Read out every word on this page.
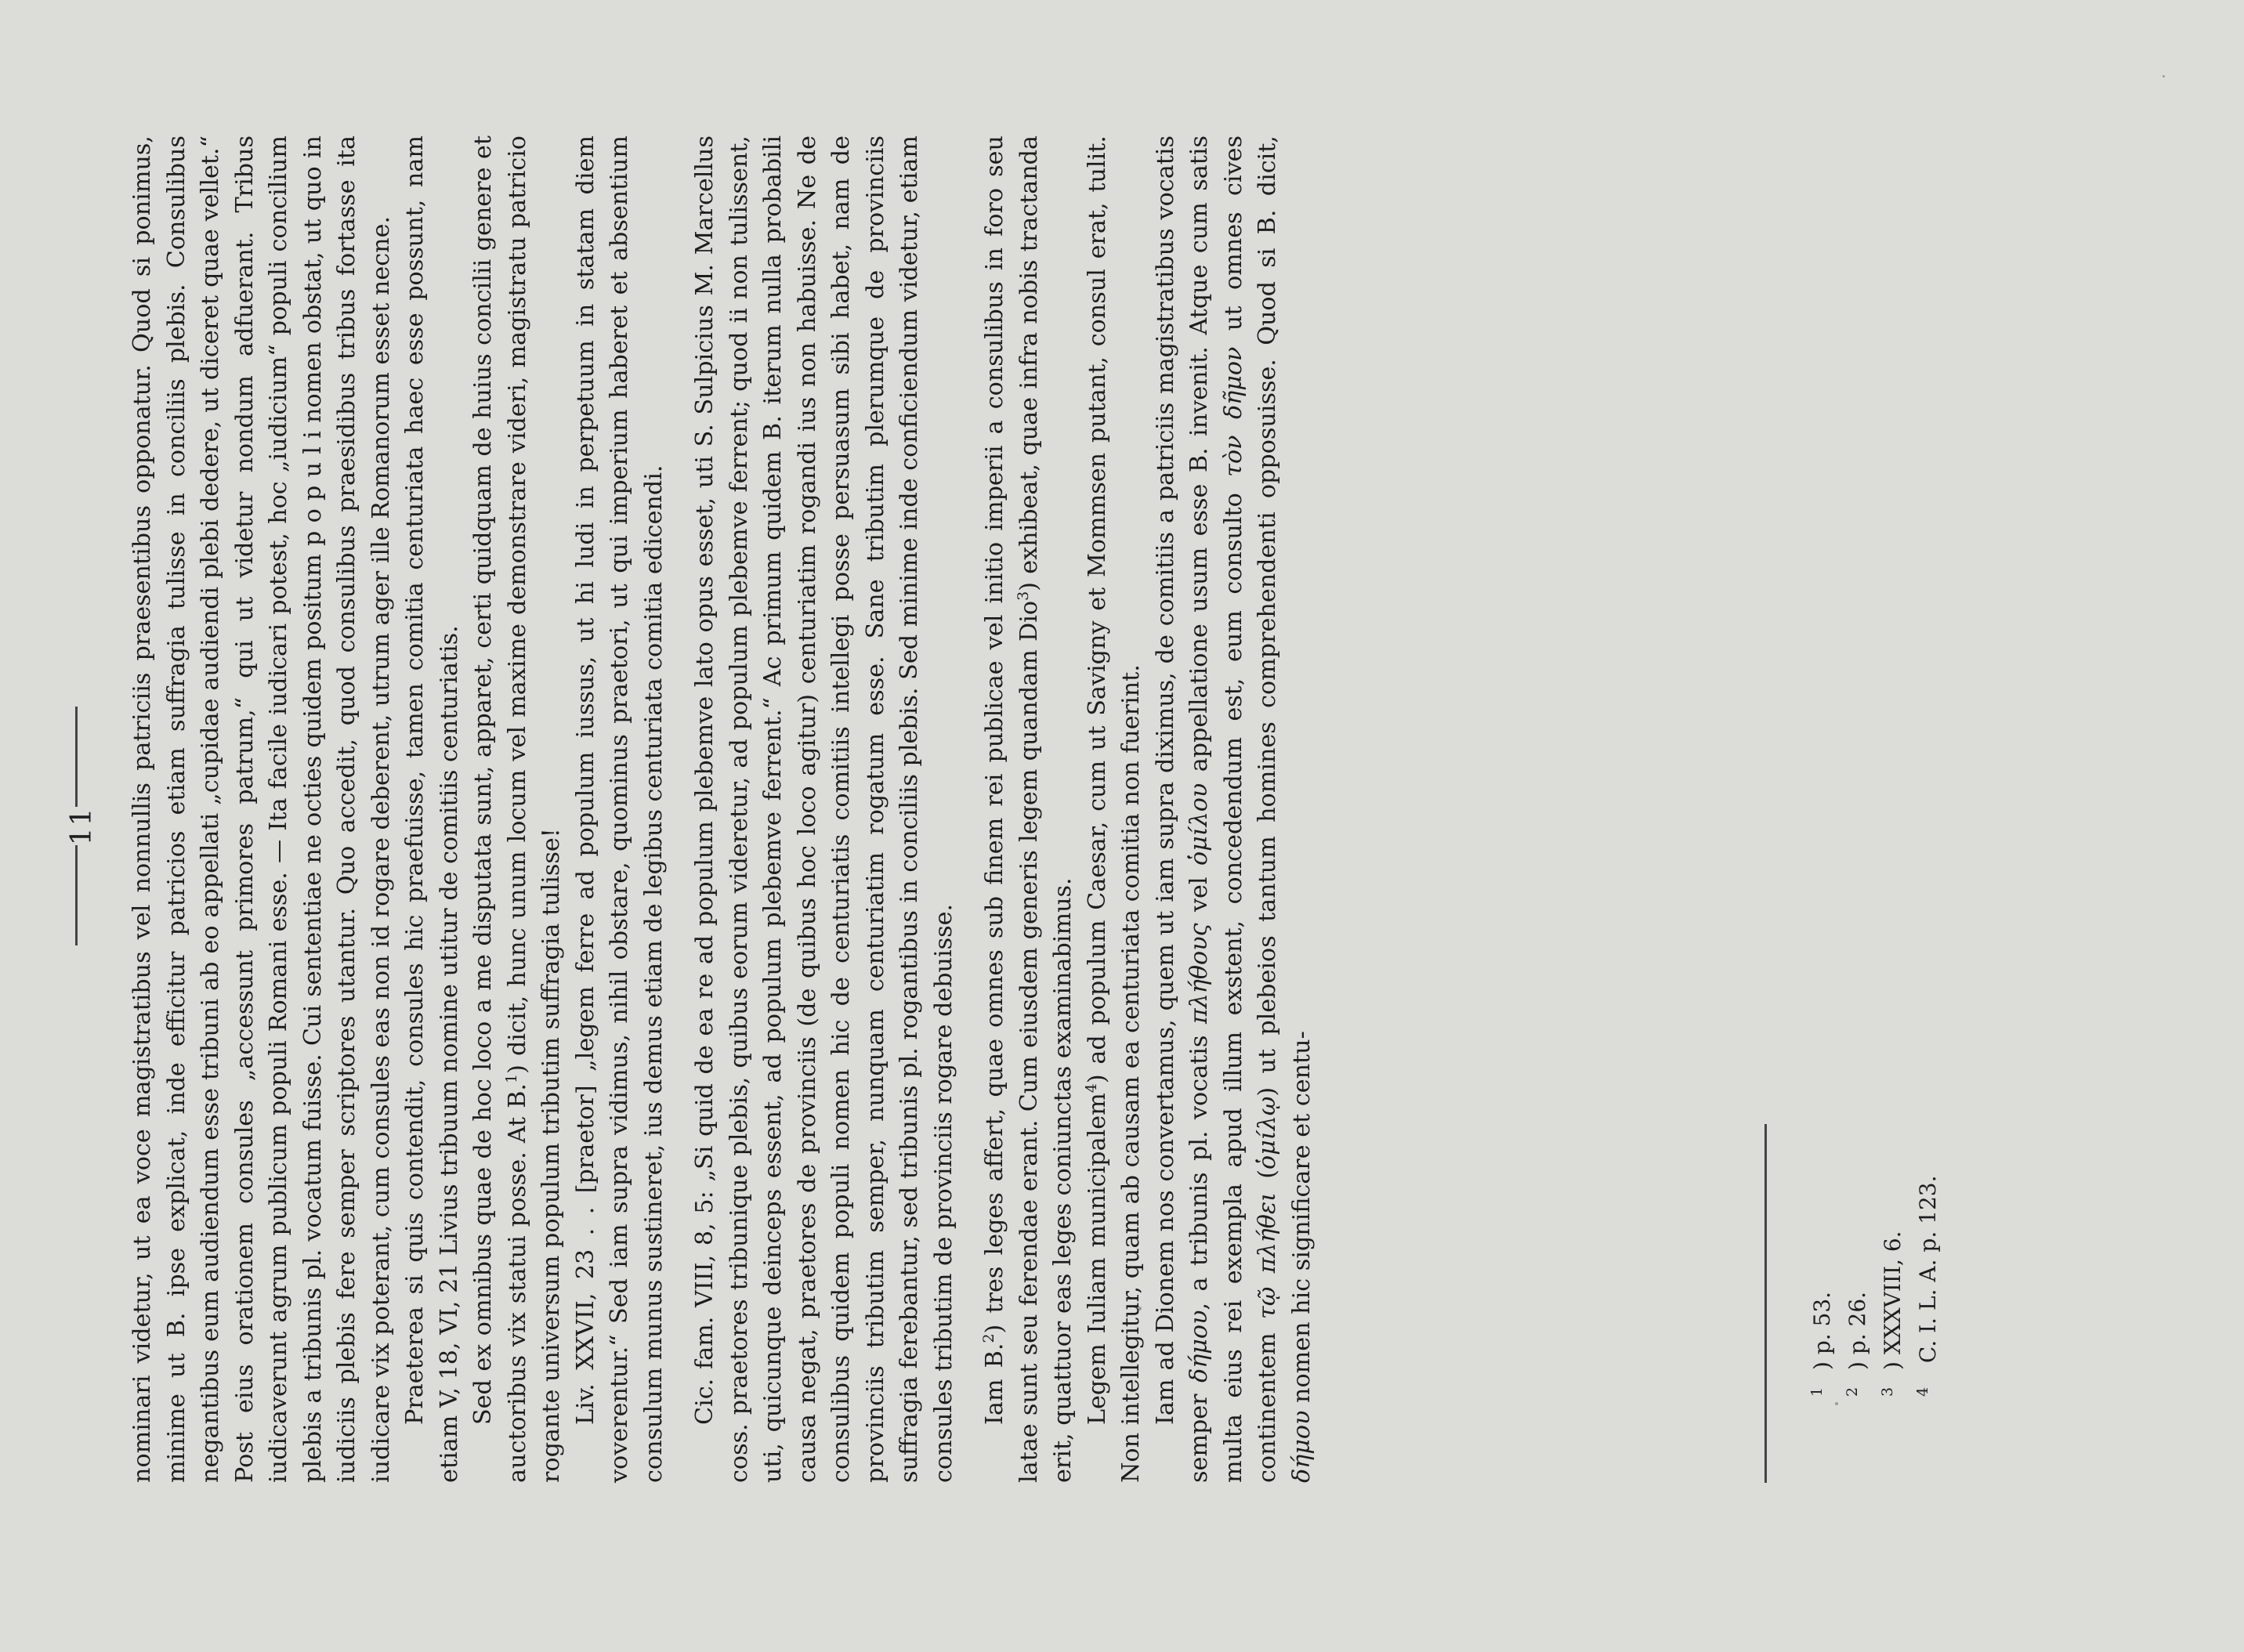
11 nominari videtur, ut ea voce magistratibus vel nonnullis patriciis praesentibus opponatur. Quod si ponimus, minime ut B. ipse explicat, inde efficitur patricios etiam suffragia tulisse in conciliis plebis. Consulibus negantibus eum audiendum esse tribuni ab eo appellati „cupidae audiendi plebi dedere, ut diceret quae vellet.“ Post eius orationem consules „accessunt primores patrum,“ qui ut videtur nondum adfuerant. Tribus iudicaverunt agrum publicum populi Romani esse. — Ita facile iudicari potest, hoc „iudicium“ populi concilium plebis a tribunis pl. vocatum fuisse. Cui sententiae ne octies quidem positum p o p u l i nomen obstat, ut quo in iudiciis plebis fere semper scriptores utantur. Quo accedit, quod consulibus praesidibus tribus fortasse ita iudicare vix poterant, cum consules eas non id rogare deberent, utrum ager ille Romanorum esset necne. Praeterea si quis contendit, consules hic praefuisse, tamen comitia centuriata haec esse possunt, nam etiam V, 18, VI, 21 Livius tribuum nomine utitur de comitiis centuriatis. Sed ex omnibus quae de hoc loco a me disputata sunt, apparet, certi quidquam de huius concilii genere et auctoribus vix statui posse. At B.$^1$) dicit, hunc unum locum vel maxime demonstrare videri, magistratu patricio rogante universum populum tributim suffragia tulisse! Liv. XXVII, 23 . . [praetor] „legem ferre ad populum iussus, ut hi ludi in perpetuum in statam diem voverentur.“ Sed iam supra vidimus, nihil obstare, quominus praetori, ut qui imperium haberet et absentium consulum munus sustineret, ius demus etiam de legibus centuriata comitia edicendi. Cic. fam. VIII, 8, 5: „Si quid de ea re ad populum plebemve lato opus esset, uti S. Sulpicius M. Marcellus coss. praetores tribunique plebis, quibus eorum videretur, ad populum plebemve ferrent; quod ii non tulissent, uti, quicunque deinceps essent, ad populum plebemve ferrent.“ Ac primum quidem B. iterum nulla probabili causa negat, praetores de provinciis (de quibus hoc loco agitur) centuriatim rogandi ius non habuisse. Ne de consulibus quidem populi nomen hic de centuriatis comitiis intellegi posse persuasum sibi habet, nam de provinciis tributim semper, nunquam centuriatim rogatum esse. Sane tributim plerumque de provinciis suffragia ferebantur, sed tribunis pl. rogantibus in conciliis plebis. Sed minime inde conficiendum videtur, etiam consules tributim de provinciis rogare debuisse. Iam B.$^2$) tres leges affert, quae omnes sub finem rei publicae vel initio imperii a consulibus in foro seu latae sunt seu ferendae erant. Cum eiusdem generis legem quandam Dio$^3$) exhibeat, quae infra nobis tractanda erit, quattuor eas leges coniunctas examinabimus. Legem Iuliam municipalem$^4$) ad populum Caesar, cum ut Savigny et Mommsen putant, consul erat, tulit. Non intellegitur, quam ab causam ea centuriata comitia non fuerint. Iam ad Dionem nos convertamus, quem ut iam supra diximus, de comitiis a patriciis magistratibus vocatis semper δήμου, a tribunis pl. vocatis πλήθους vel ὁμίλου appellatione usum esse B. invenit. Atque cum satis multa eius rei exempla apud illum exstent, concedendum est, eum consulto τὸν δῆμον ut omnes cives continentem τῷ πλήθει (ὁμίλῳ) ut plebeios tantum homines comprehendenti opposuisse. Quod si B. dicit, δήμου nomen hic significare et centu-	1) p. 53.
2) p. 26.
3) XXXVIII, 6.
4 C. I. L. A. p. 123.
